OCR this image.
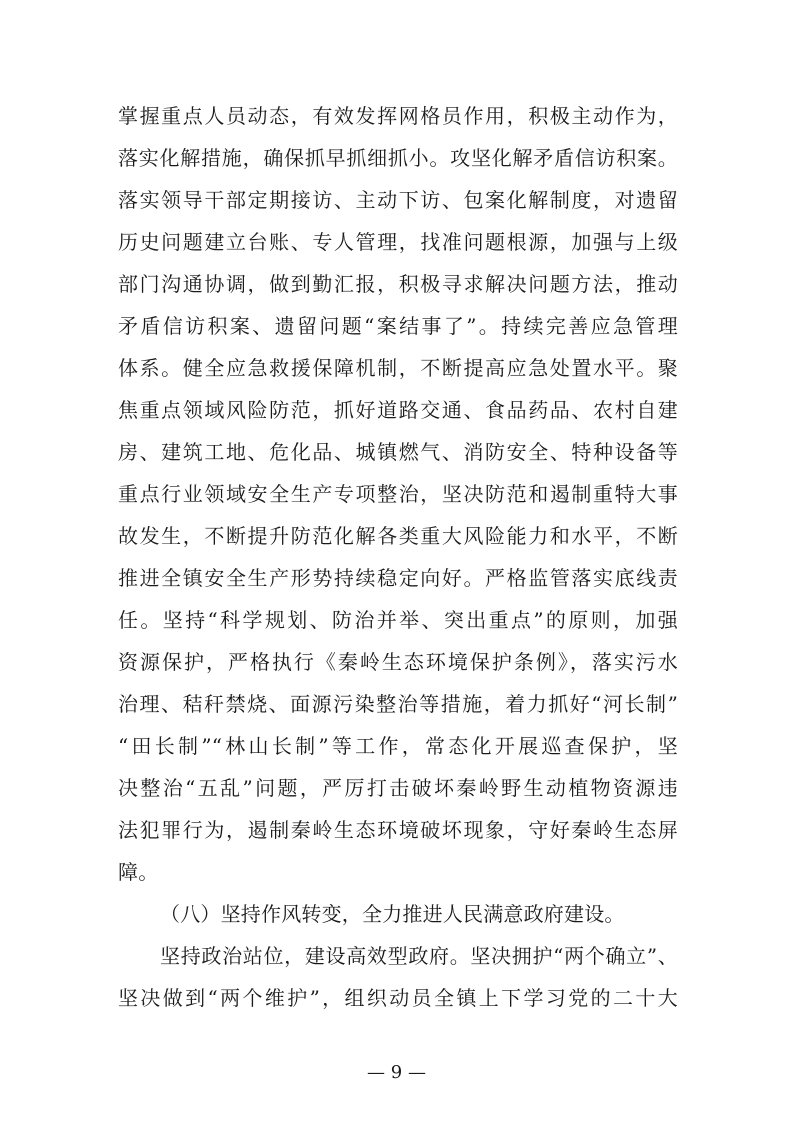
掌握重点人员动态，有效发挥网格员作用，积极主动作为，
落实化解措施，确保抓早抓细抓小。攻坚化解矛盾信访积案。
落实领导干部定期接访、主动下访、包案化解制度，对遗留
历史问题建立台账、专人管理，找准问题根源，加强与上级
部门沟通协调，做到勤汇报，积极寻求解决问题方法，推动
矛盾信访积案、遗留问题“案结事了”。持续完善应急管理
体系。健全应急救援保障机制，不断提高应急处置水平。聚
焦重点领域风险防范，抓好道路交通、食品药品、农村自建
房、建筑工地、危化品、城镇燃气、消防安全、特种设备等
重点行业领域安全生产专项整治，坚决防范和遏制重特大事
故发生，不断提升防范化解各类重大风险能力和水平，不断
推进全镇安全生产形势持续稳定向好。严格监管落实底线责
任。坚持“科学规划、防治并举、突出重点”的原则，加强
资源保护，严格执行《秦岭生态环境保护条例》，落实污水
治理、秸秆禁烧、面源污染整治等措施，着力抓好“河长制”
“田长制”“林山长制”等工作，常态化开展巡查保护，坚
决整治“五乱”问题，严厉打击破坏秦岭野生动植物资源违
法犯罪行为，遏制秦岭生态环境破坏现象，守好秦岭生态屏
障。
（八）坚持作风转变，全力推进人民满意政府建设。
坚持政治站位，建设高效型政府。坚决拥护“两个确立”、
坚决做到“两个维护”，组织动员全镇上下学习党的二十大
— 9 —
